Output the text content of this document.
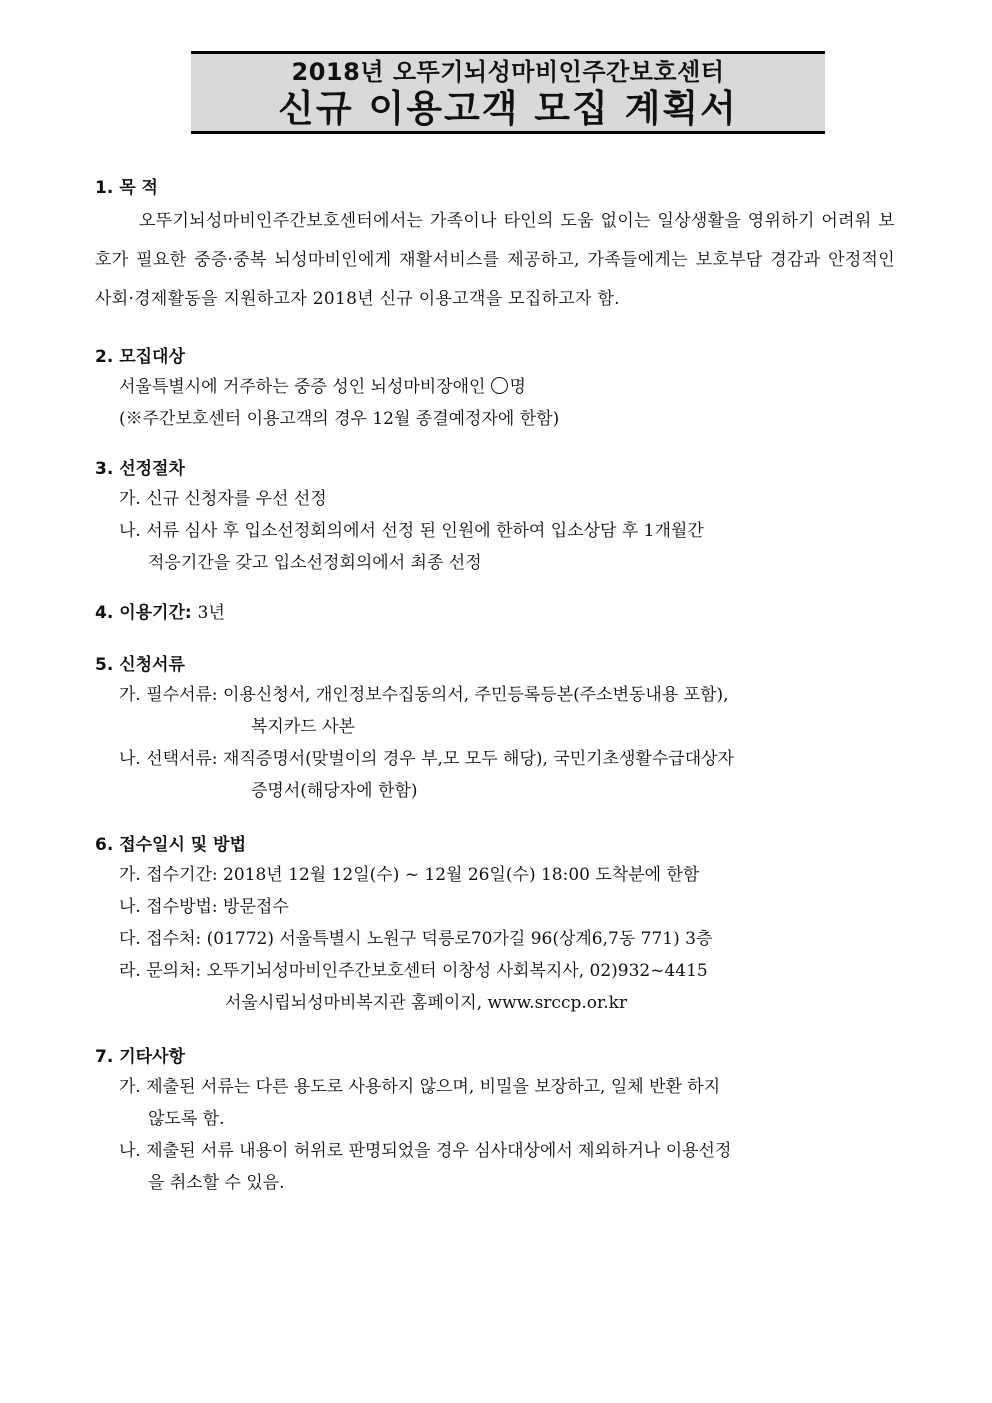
2018년 오뚜기뇌성마비인주간보호센터
신규 이용고객 모집 계획서
1. 목 적

오뚜기뇌성마비인주간보호센터에서는 가족이나 타인의 도움 없이는 일상생활을 영위하기 어려워 보호가 필요한 중증·중복 뇌성마비인에게 재활서비스를 제공하고, 가족들에게는 보호부담 경감과 안정적인 사회·경제활동을 지원하고자 2018년 신규 이용고객을 모집하고자 함.

2. 모집대상

서울특별시에 거주하는 중증 성인 뇌성마비장애인 명

(※주간보호센터 이용고객의 경우 12월 종결예정자에 한함)

3. 선정절차

가. 신규 신청자를 우선 선정

나. 서류 심사 후 입소선정회의에서 선정 된 인원에 한하여 입소상담 후 1개월간

적응기간을 갖고 입소선정회의에서 최종 선정

4. 이용기간: 3년
5. 신청서류

가. 필수서류: 이용신청서, 개인정보수집동의서, 주민등록등본(주소변동내용 포함),

복지카드 사본

나. 선택서류: 재직증명서(맞벌이의 경우 부,모 모두 해당), 국민기초생활수급대상자

증명서(해당자에 한함)

6. 접수일시 및 방법

가. 접수기간: 2018년 12월 12일(수) ~ 12월 26일(수) 18:00 도착분에 한함

나. 접수방법: 방문접수

다. 접수처: (01772) 서울특별시 노원구 덕릉로70가길 96(상계6,7동 771) 3층

라. 문의처: 오뚜기뇌성마비인주간보호센터 이창성 사회복지사, 02)932~4415

서울시립뇌성마비복지관 홈페이지, www.srccp.or.kr

7. 기타사항

가. 제출된 서류는 다른 용도로 사용하지 않으며, 비밀을 보장하고, 일체 반환 하지

않도록 함.

나. 제출된 서류 내용이 허위로 판명되었을 경우 심사대상에서 제외하거나 이용선정

을 취소할 수 있음.
